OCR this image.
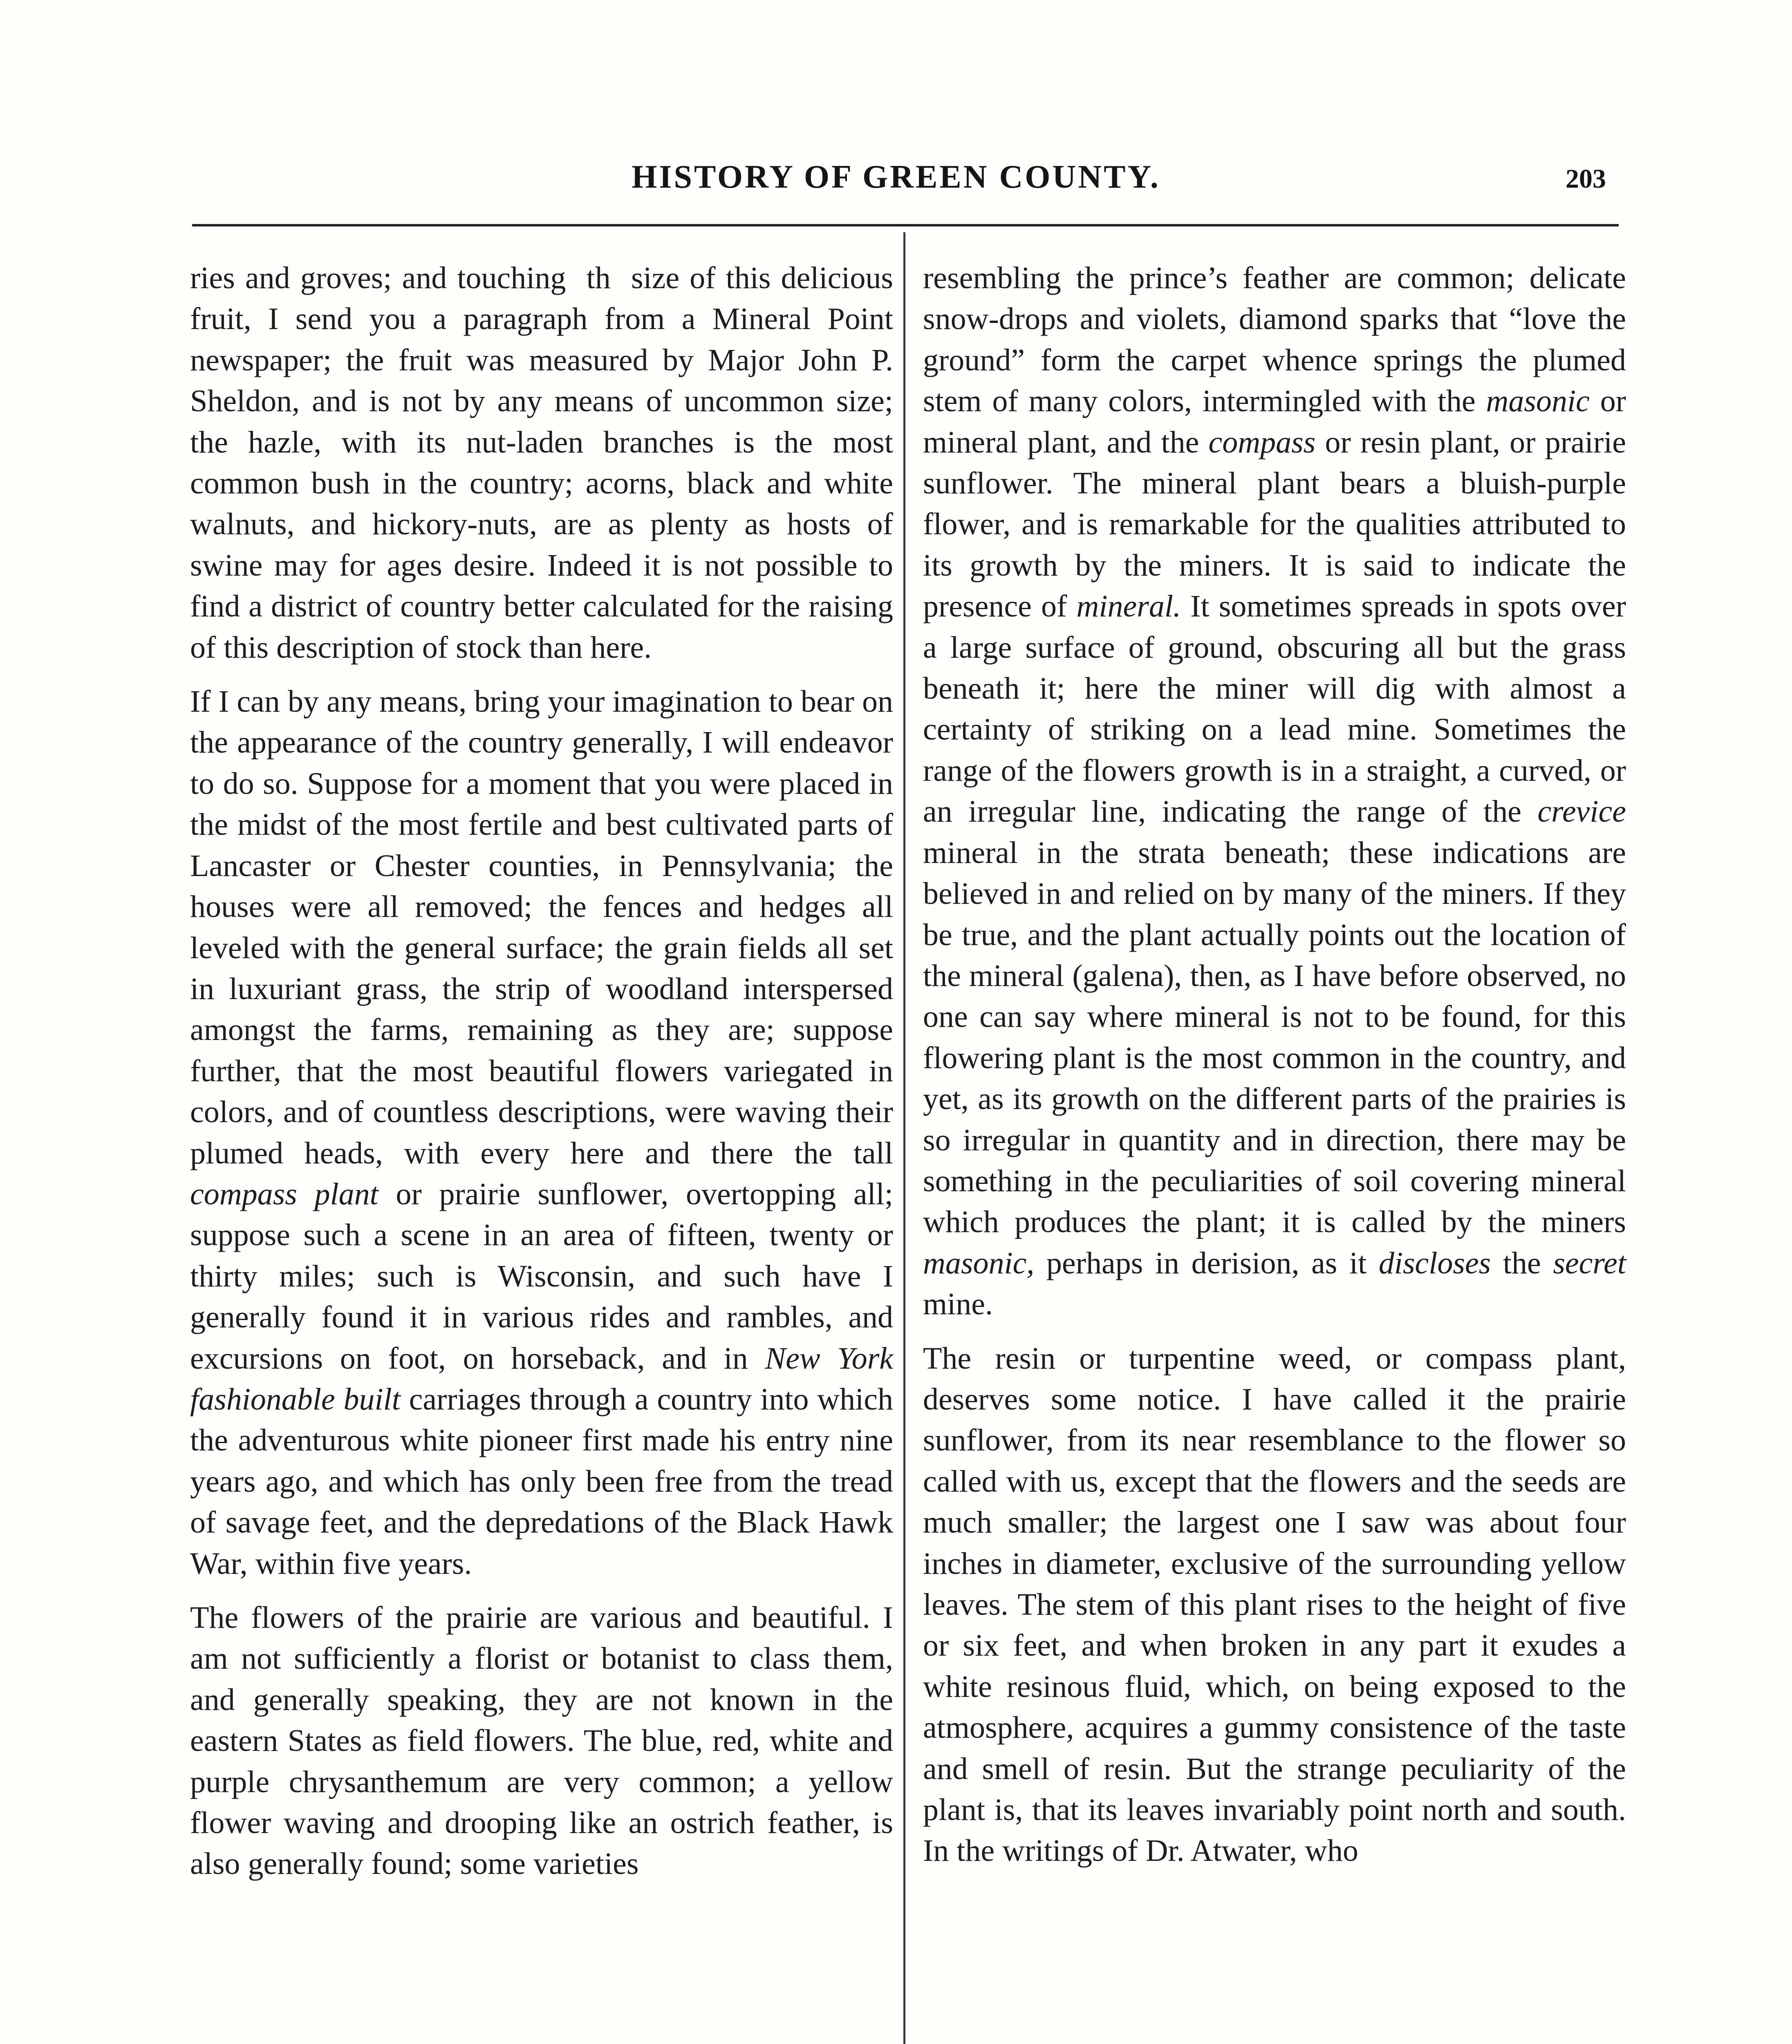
HISTORY OF GREEN COUNTY.	203

ries and groves; and touching  th  size of this delicious fruit, I send you a paragraph from a Mineral Point newspaper; the fruit was measured by Major John P. Sheldon, and is not by any means of uncommon size; the hazle, with its nut-laden branches is the most common bush in the country; acorns, black and white walnuts, and hickory-nuts, are as plenty as hosts of swine may for ages desire. Indeed it is not possible to find a district of country better calculated for the raising of this description of stock than here.

If I can by any means, bring your imagination to bear on the appearance of the country generally, I will endeavor to do so. Suppose for a moment that you were placed in the midst of the most fertile and best cultivated parts of Lancaster or Chester counties, in Pennsylvania; the houses were all removed; the fences and hedges all leveled with the general surface; the grain fields all set in luxuriant grass, the strip of woodland interspersed amongst the farms, remaining as they are; suppose further, that the most beautiful flowers variegated in colors, and of countless descriptions, were waving their plumed heads, with every here and there the tall compass plant or prairie sunflower, overtopping all; suppose such a scene in an area of fifteen, twenty or thirty miles; such is Wisconsin, and such have I generally found it in various rides and rambles, and excursions on foot, on horseback, and in New York fashionable built carriages through a country into which the adventurous white pioneer first made his entry nine years ago, and which has only been free from the tread of savage feet, and the depredations of the Black Hawk War, within five years.

The flowers of the prairie are various and beautiful. I am not sufficiently a florist or botanist to class them, and generally speaking, they are not known in the eastern States as field flowers. The blue, red, white and purple chrysanthemum are very common; a yellow flower waving and drooping like an ostrich feather, is also generally found; some varieties

resembling the prince’s feather are common; delicate snow-drops and violets, diamond sparks that “love the ground” form the carpet whence springs the plumed stem of many colors, intermingled with the masonic or mineral plant, and the compass or resin plant, or prairie sunflower. The mineral plant bears a bluish-purple flower, and is remarkable for the qualities attributed to its growth by the miners. It is said to indicate the presence of mineral. It sometimes spreads in spots over a large surface of ground, obscuring all but the grass beneath it; here the miner will dig with almost a certainty of striking on a lead mine. Sometimes the range of the flowers growth is in a straight, a curved, or an irregular line, indicating the range of the crevice mineral in the strata beneath; these indications are believed in and relied on by many of the miners. If they be true, and the plant actually points out the location of the mineral (galena), then, as I have before observed, no one can say where mineral is not to be found, for this flowering plant is the most common in the country, and yet, as its growth on the different parts of the prairies is so irregular in quantity and in direction, there may be something in the peculiarities of soil covering mineral which produces the plant; it is called by the miners masonic, perhaps in derision, as it discloses the secret mine.

The resin or turpentine weed, or compass plant, deserves some notice. I have called it the prairie sunflower, from its near resemblance to the flower so called with us, except that the flowers and the seeds are much smaller; the largest one I saw was about four inches in diameter, exclusive of the surrounding yellow leaves. The stem of this plant rises to the height of five or six feet, and when broken in any part it exudes a white resinous fluid, which, on being exposed to the atmosphere, acquires a gummy consistence of the taste and smell of resin. But the strange peculiarity of the plant is, that its leaves invariably point north and south. In the writings of Dr. Atwater, who
